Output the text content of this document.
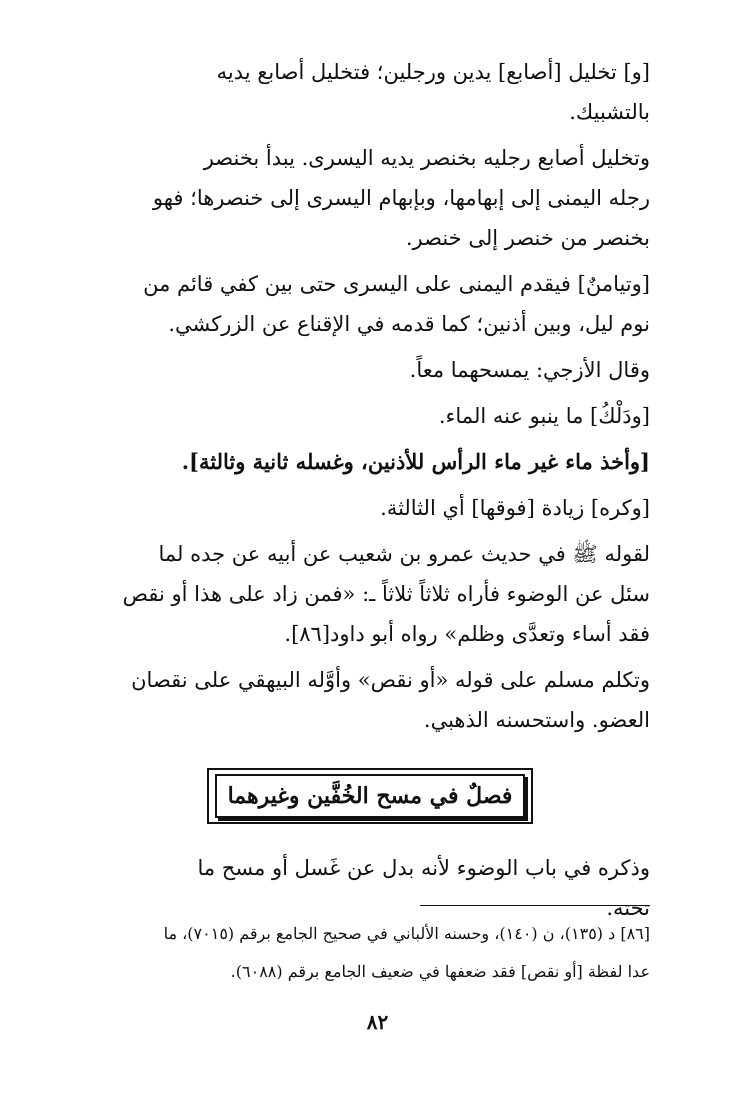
[و] تخليل [أصابع] يدين ورجلين؛ فتخليل أصابع يديه
بالتشبيك.

وتخليل أصابع رجليه بخنصر يديه اليسرى. يبدأ بخنصر
رجله اليمنى إلى إبهامها، وبإبهام اليسرى إلى خنصرها؛ فهو
بخنصر من خنصر إلى خنصر.

[وتيامنٌ] فيقدم اليمنى على اليسرى حتى بين كفي قائم من
نوم ليل، وبين أذنين؛ كما قدمه في الإقناع عن الزركشي.

وقال الأزجي: يمسحهما معاً.

[ودَلْكُ] ما ينبو عنه الماء.

[وأخذ ماء غير ماء الرأس للأذنين، وغسله ثانية وثالثة].

[وكره] زيادة [فوقها] أي الثالثة.

لقوله ﷺ في حديث عمرو بن شعيب عن أبيه عن جده لما
سئل عن الوضوء فأراه ثلاثاً ثلاثاً ـ: «فمن زاد على هذا أو نقص
فقد أساء وتعدَّى وظلم» رواه أبو داود[٨٦].

وتكلم مسلم على قوله «أو نقص» وأوَّله البيهقي على نقصان
العضو. واستحسنه الذهبي.

فصلٌ في مسح الخُفَّين وغيرهما

وذكره في باب الوضوء لأنه بدل عن غَسل أو مسح ما
تحته.

[٨٦] د (١٣٥)، ن (١٤٠)، وحسنه الألباني في صحيح الجامع برقم (٧٠١٥)، ما
عدا لفظة [أو نقص] فقد ضعفها في ضعيف الجامع برقم (٦٠٨٨).
٨٢
